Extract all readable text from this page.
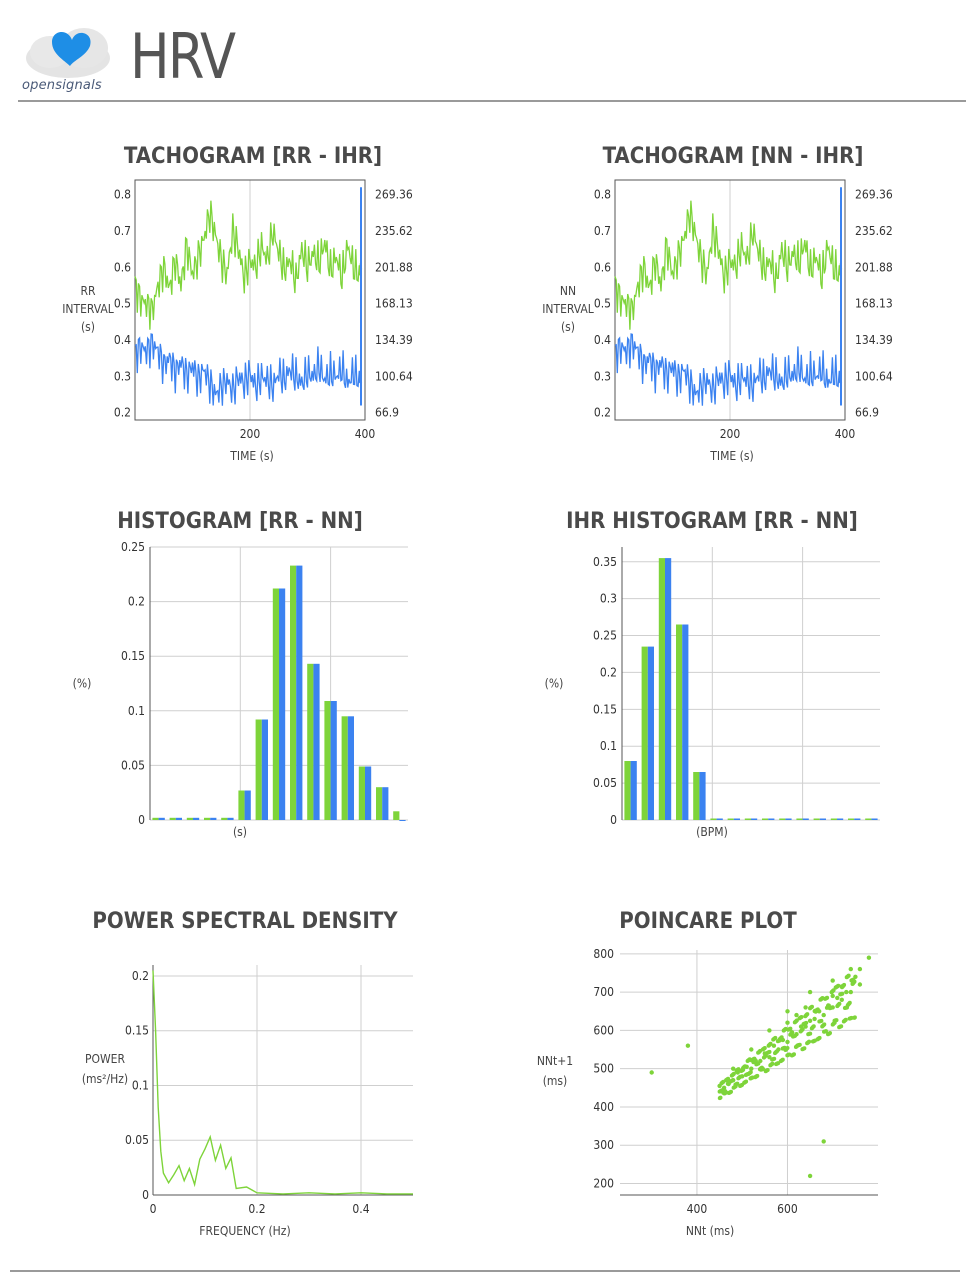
opensignals HRV
TACHOGRAM [RR - IHR]
0.2
0.3
0.4
0.5
0.6
0.7
0.8
66.9
100.64
134.39
168.13
201.88
235.62
269.36
200	400
TIME (s)
RR
INTERVAL
(s)
TACHOGRAM [NN - IHR]
0.2
0.3
0.4
0.5
0.6
0.7
0.8
66.9
100.64
134.39
168.13
201.88
235.62
269.36
200	400
TIME (s)
NN
INTERVAL
(s)
HISTOGRAM [RR - NN]
0
0.05
0.1
0.15
0.2
0.25
(s)
(%)
IHR HISTOGRAM [RR - NN]
0
0.05
0.1
0.15
0.2
0.25
0.3
0.35
(BPM)
(%)
POWER SPECTRAL DENSITY
0
0.05
0.1
0.15
0.2
0	0.2	0.4
FREQUENCY (Hz)
POWER
(ms²/Hz)
POINCARE PLOT
200
300
400
500
600
700
800
400	600
NNt (ms)
NNt+1
(ms)
